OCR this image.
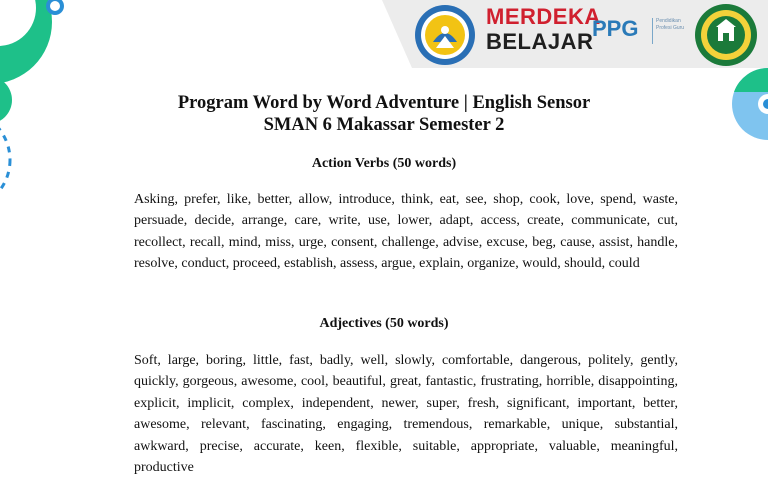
MERDEKA
BELAJAR
PPG	Pendidikan Profesi Guru
Program Word by Word Adventure | English Sensor
SMAN 6 Makassar Semester 2
Action Verbs (50 words)
Asking, prefer, like, better, allow, introduce, think, eat, see, shop, cook, love, spend, waste, persuade, decide, arrange, care, write, use, lower, adapt, access, create, communicate, cut, recollect, recall, mind, miss, urge, consent, challenge, advise, excuse, beg, cause, assist, handle, resolve, conduct, proceed, establish, assess, argue, explain, organize, would, should, could
Adjectives (50 words)
Soft, large, boring, little, fast, badly, well, slowly, comfortable, dangerous, politely, gently, quickly, gorgeous, awesome, cool, beautiful, great, fantastic, frustrating, horrible, disappointing, explicit, implicit, complex, independent, newer, super, fresh, significant, important, better, awesome, relevant, fascinating, engaging, tremendous, remarkable, unique, substantial, awkward, precise, accurate, keen, flexible, suitable, appropriate, valuable, meaningful, productive
